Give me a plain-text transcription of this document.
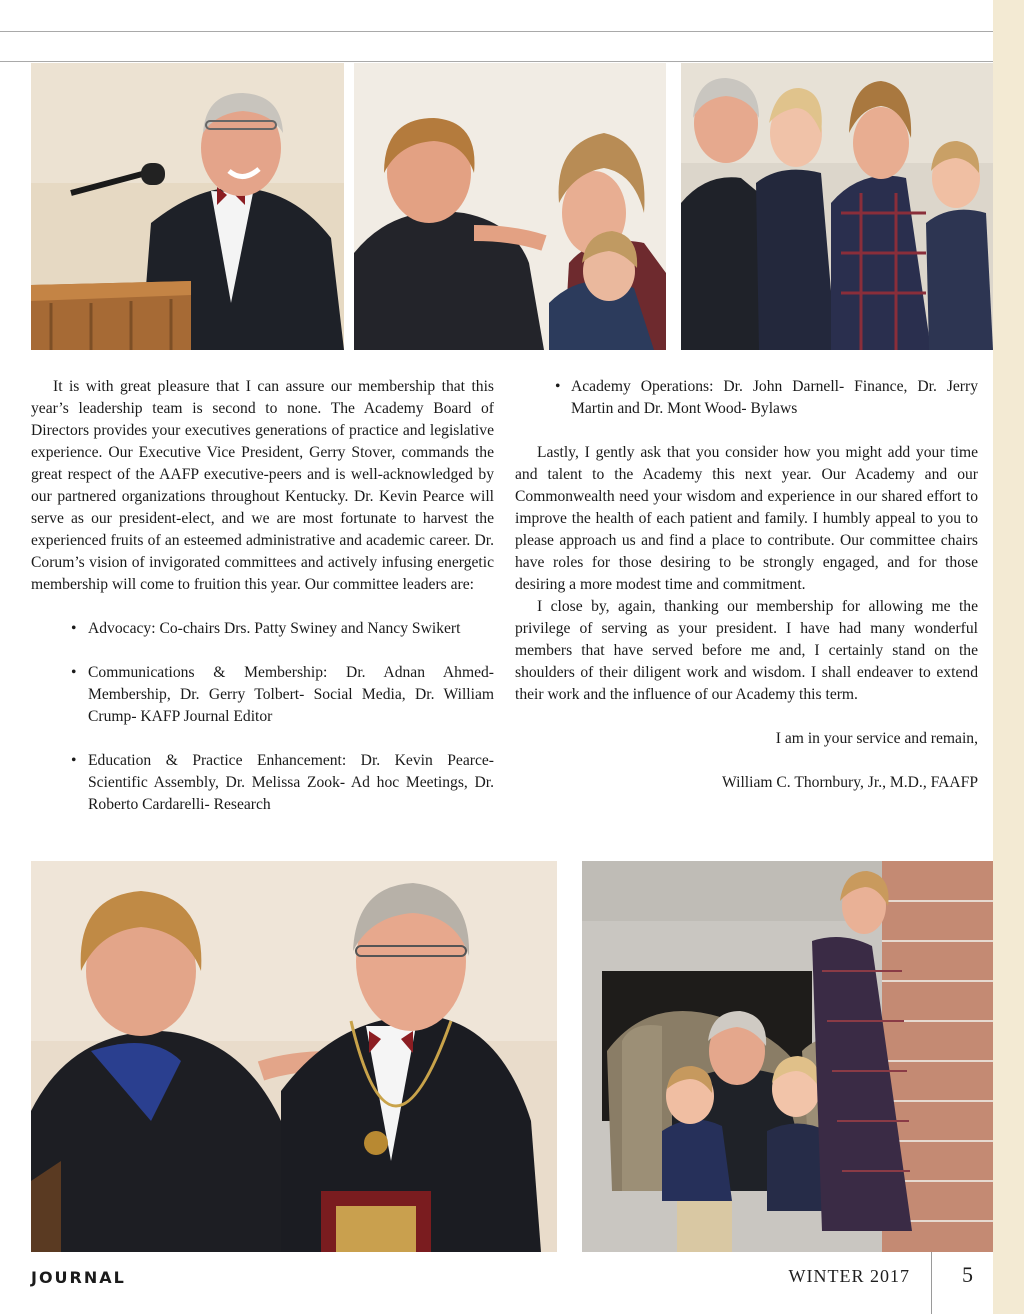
It is with great pleasure that I can assure our membership that this year’s leadership team is second to none. The Academy Board of Directors provides your executives generations of practice and legislative experience. Our Executive Vice President, Gerry Stover, commands the great respect of the AAFP executive-peers and is well-acknowledged by our partnered organizations throughout Kentucky. Dr. Kevin Pearce will serve as our president-elect, and we are most fortunate to harvest the experienced fruits of an esteemed administrative and academic career. Dr. Corum’s vision of invigorated committees and actively infusing energetic membership will come to fruition this year. Our committee leaders are:

• Advocacy: Co-chairs Drs. Patty Swiney and Nancy Swikert
• Communications & Membership: Dr. Adnan Ahmed- Membership, Dr. Gerry Tolbert- Social Media, Dr. William Crump- KAFP Journal Editor
• Education & Practice Enhancement: Dr. Kevin Pearce- Scientific Assembly, Dr. Melissa Zook- Ad hoc Meetings, Dr. Roberto Cardarelli- Research
• Academy Operations: Dr. John Darnell- Finance, Dr. Jerry Martin and Dr. Mont Wood- Bylaws

Lastly, I gently ask that you consider how you might add your time and talent to the Academy this next year. Our Academy and our Commonwealth need your wisdom and experience in our shared effort to improve the health of each patient and family. I humbly appeal to you to please approach us and find a place to contribute. Our committee chairs have roles for those desiring to be strongly engaged, and for those desiring a more modest time and commitment.

I close by, again, thanking our membership for allowing me the privilege of serving as your president. I have had many wonderful members that have served before me and, I certainly stand on the shoulders of their diligent work and wisdom. I shall endeaver to extend their work and the influence of our Academy this term.

I am in your service and remain,

William C. Thornbury, Jr., M.D., FAAFP

JOURNAL	WINTER 2017 5
